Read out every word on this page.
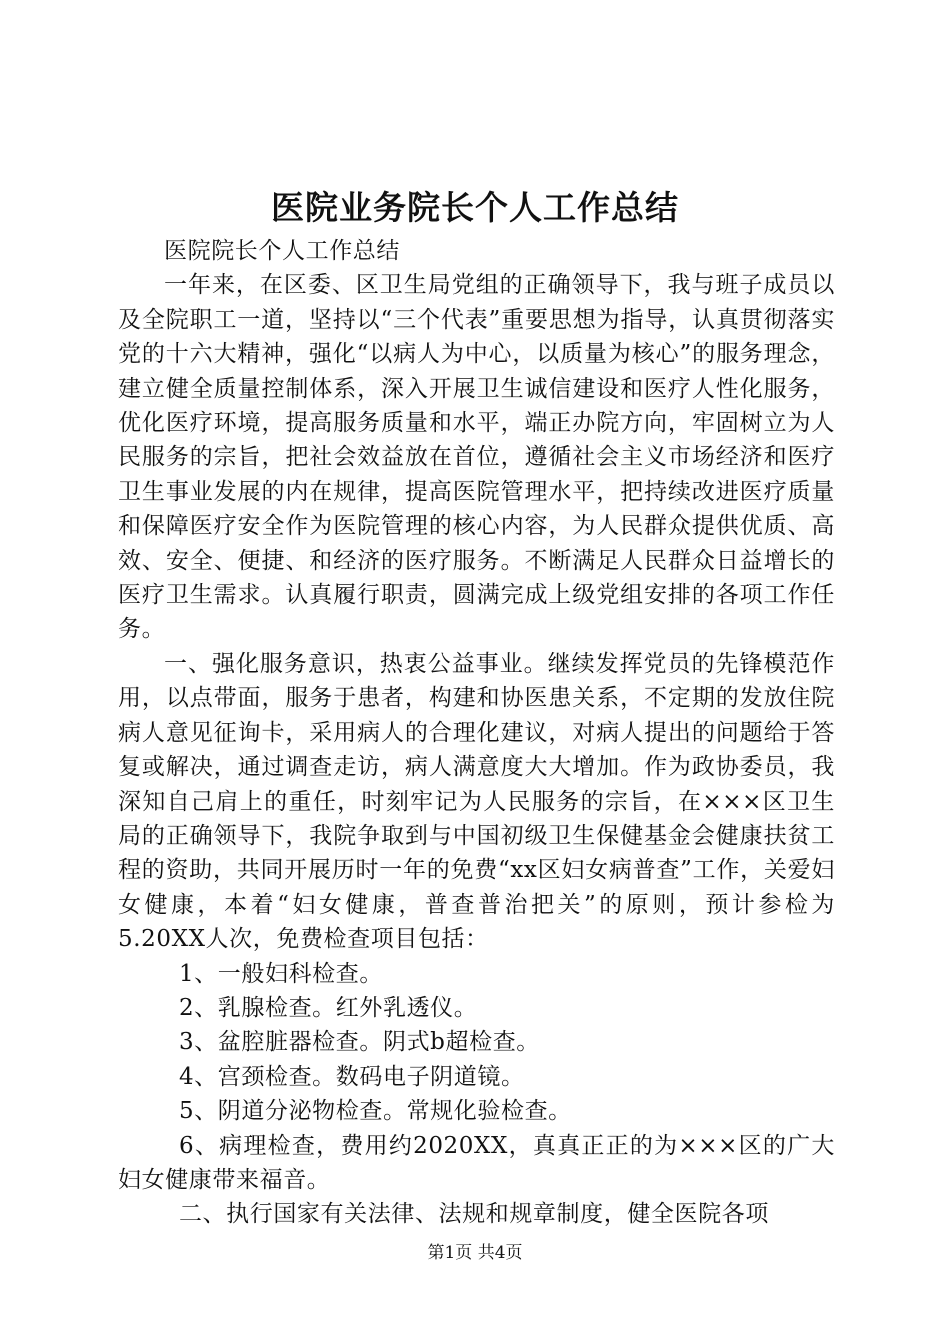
医院业务院长个人工作总结

医院院长个人工作总结

一年来，在区委、区卫生局党组的正确领导下，我与班子成员以及全院职工一道，坚持以“三个代表”重要思想为指导，认真贯彻落实党的十六大精神，强化“以病人为中心，以质量为核心”的服务理念，建立健全质量控制体系，深入开展卫生诚信建设和医疗人性化服务，优化医疗环境，提高服务质量和水平，端正办院方向，牢固树立为人民服务的宗旨，把社会效益放在首位，遵循社会主义市场经济和医疗卫生事业发展的内在规律，提高医院管理水平，把持续改进医疗质量和保障医疗安全作为医院管理的核心内容，为人民群众提供优质、高效、安全、便捷、和经济的医疗服务。不断满足人民群众日益增长的医疗卫生需求。认真履行职责，圆满完成上级党组安排的各项工作任务。

一、强化服务意识，热衷公益事业。继续发挥党员的先锋模范作用，以点带面，服务于患者，构建和协医患关系，不定期的发放住院病人意见征询卡，采用病人的合理化建议，对病人提出的问题给于答复或解决，通过调查走访，病人满意度大大增加。作为政协委员，我深知自己肩上的重任，时刻牢记为人民服务的宗旨，在×××区卫生局的正确领导下，我院争取到与中国初级卫生保健基金会健康扶贫工程的资助，共同开展历时一年的免费“xx区妇女病普查”工作，关爱妇女健康，本着“妇女健康，普查普治把关”的原则，预计参检为5.20XX人次，免费检查项目包括：

1、一般妇科检查。

2、乳腺检查。红外乳透仪。

3、盆腔脏器检查。阴式b超检查。

4、宫颈检查。数码电子阴道镜。

5、阴道分泌物检查。常规化验检查。

6、病理检查，费用约2020XX，真真正正的为×××区的广大妇女健康带来福音。

二、执行国家有关法律、法规和规章制度，健全医院各项

第1页 共4页
